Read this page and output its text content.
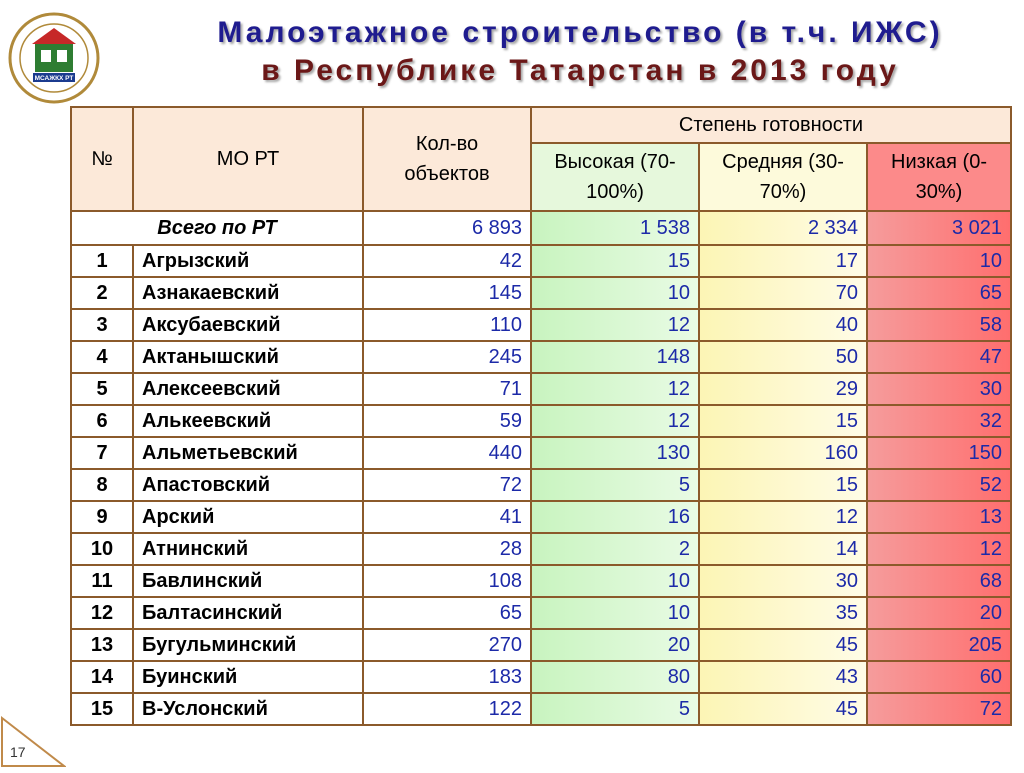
МСАЖКХ РТ
Малоэтажное строительство (в т.ч. ИЖС)
в Республике Татарстан в 2013 году
№	МО РТ	Кол-во объектов	Степень готовности		
			Высокая (70-100%)	Средняя (30-70%)	Низкая (0-30%)
Всего по РТ		6 893	1 538	2 334	3 021
1	Агрызский	42	15	17	10
2	Азнакаевский	145	10	70	65
3	Аксубаевский	110	12	40	58
4	Актанышский	245	148	50	47
5	Алексеевский	71	12	29	30
6	Алькеевский	59	12	15	32
7	Альметьевский	440	130	160	150
8	Апастовский	72	5	15	52
9	Арский	41	16	12	13
10	Атнинский	28	2	14	12
11	Бавлинский	108	10	30	68
12	Балтасинский	65	10	35	20
13	Бугульминский	270	20	45	205
14	Буинский	183	80	43	60
15	В-Услонский	122	5	45	72
17
